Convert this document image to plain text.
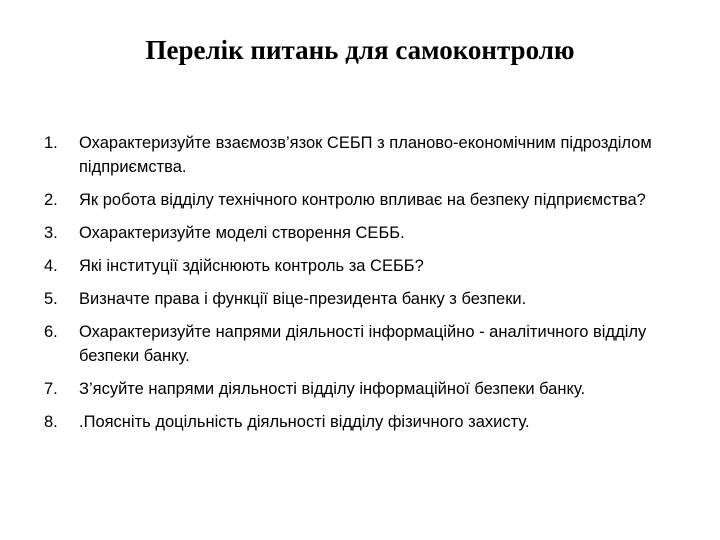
Перелік питань для самоконтролю
1. Охарактеризуйте взаємозв’язок СЕБП з планово-економічним підрозділом підприємства.
2. Як робота відділу технічного контролю впливає на безпеку підприємства?
3. Охарактеризуйте моделі створення СЕББ.
4. Які інституції здійснюють контроль за СЕББ?
5. Визначте права і функції віце-президента банку з безпеки.
6. Охарактеризуйте напрями діяльності інформаційно - аналітичного відділу безпеки банку.
7. З’ясуйте напрями діяльності відділу інформаційної безпеки банку.
8. .Поясніть доцільність діяльності відділу фізичного захисту.
